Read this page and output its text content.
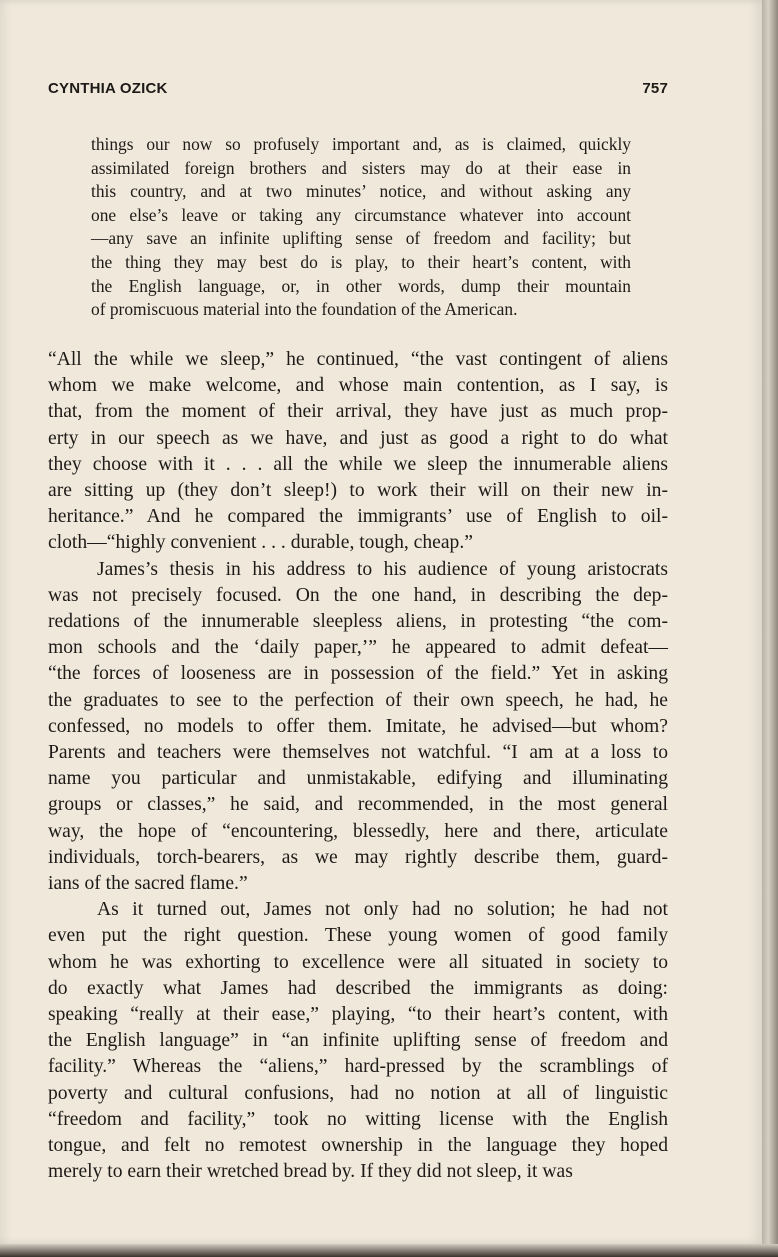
CYNTHIA OZICK	757
things our now so profusely important and, as is claimed, quickly
assimilated foreign brothers and sisters may do at their ease in
this country, and at two minutes’ notice, and without asking any
one else’s leave or taking any circumstance whatever into account
—any save an infinite uplifting sense of freedom and facility; but
the thing they may best do is play, to their heart’s content, with
the English language, or, in other words, dump their mountain
of promiscuous material into the foundation of the American.
“All the while we sleep,” he continued, “the vast contingent of aliens
whom we make welcome, and whose main contention, as I say, is
that, from the moment of their arrival, they have just as much prop-
erty in our speech as we have, and just as good a right to do what
they choose with it . . . all the while we sleep the innumerable aliens
are sitting up (they don’t sleep!) to work their will on their new in-
heritance.” And he compared the immigrants’ use of English to oil-
cloth—“highly convenient . . . durable, tough, cheap.”
James’s thesis in his address to his audience of young aristocrats
was not precisely focused. On the one hand, in describing the dep-
redations of the innumerable sleepless aliens, in protesting “the com-
mon schools and the ‘daily paper,’” he appeared to admit defeat—
“the forces of looseness are in possession of the field.” Yet in asking
the graduates to see to the perfection of their own speech, he had, he
confessed, no models to offer them. Imitate, he advised—but whom?
Parents and teachers were themselves not watchful. “I am at a loss to
name you particular and unmistakable, edifying and illuminating
groups or classes,” he said, and recommended, in the most general
way, the hope of “encountering, blessedly, here and there, articulate
individuals, torch-bearers, as we may rightly describe them, guard-
ians of the sacred flame.”
As it turned out, James not only had no solution; he had not
even put the right question. These young women of good family
whom he was exhorting to excellence were all situated in society to
do exactly what James had described the immigrants as doing:
speaking “really at their ease,” playing, “to their heart’s content, with
the English language” in “an infinite uplifting sense of freedom and
facility.” Whereas the “aliens,” hard-pressed by the scramblings of
poverty and cultural confusions, had no notion at all of linguistic
“freedom and facility,” took no witting license with the English
tongue, and felt no remotest ownership in the language they hoped
merely to earn their wretched bread by. If they did not sleep, it was
